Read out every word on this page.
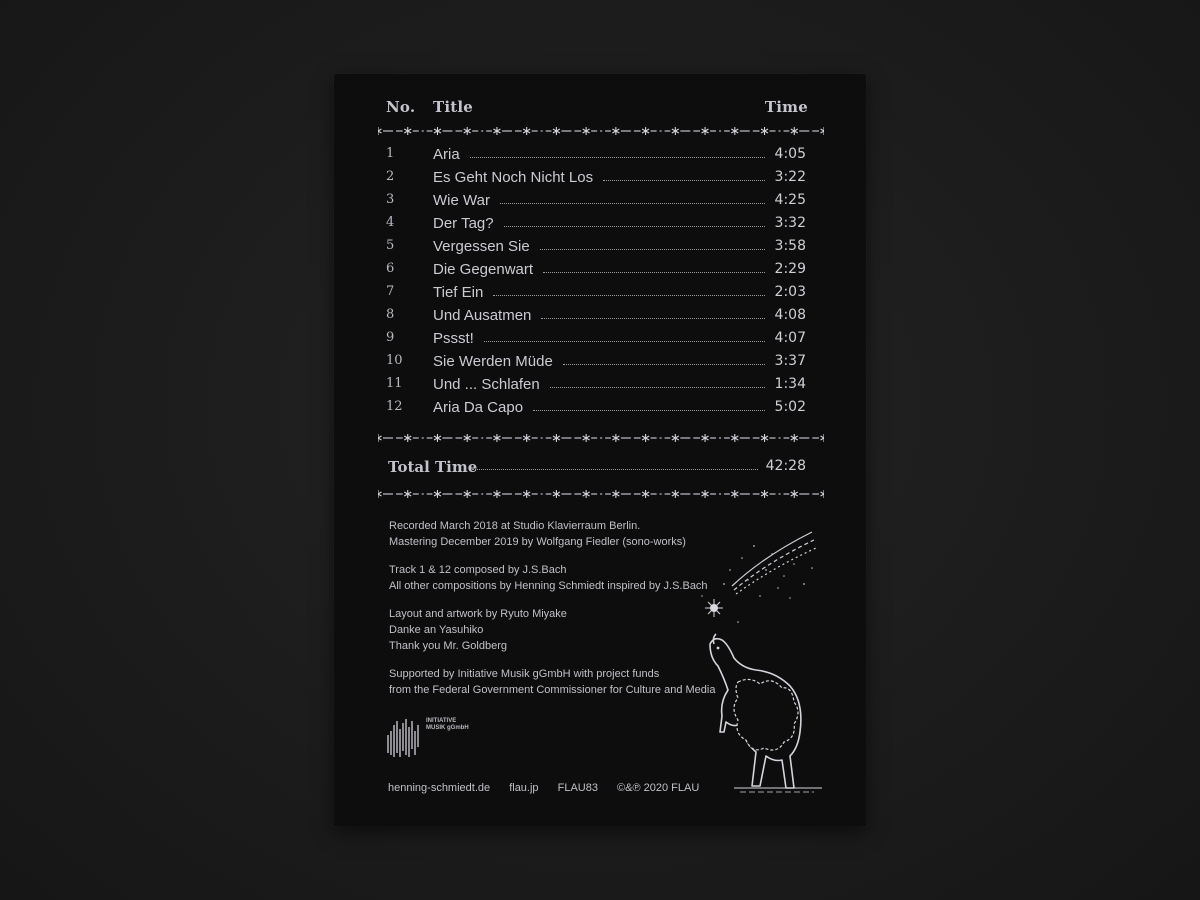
No. Title	Time
1	Aria	4:05
2	Es Geht Noch Nicht Los	3:22
3	Wie War	4:25
4	Der Tag?	3:32
5	Vergessen Sie	3:58
6	Die Gegenwart	2:29
7	Tief Ein	2:03
8	Und Ausatmen	4:08
9	Pssst!	4:07
10	Sie Werden Müde	3:37
11	Und ... Schlafen	1:34
12	Aria Da Capo	5:02
Total Time	42:28
Recorded March 2018 at Studio Klavierraum Berlin.
Mastering December 2019 by Wolfgang Fiedler (sono-works)
Track 1 & 12 composed by J.S.Bach
All other compositions by Henning Schmiedt inspired by J.S.Bach
Layout and artwork by Ryuto Miyake
Danke an Yasuhiko
Thank you Mr. Goldberg
Supported by Initiative Musik gGmbH with project funds
from the Federal Government Commissioner for Culture and Media
INITIATIVE
MUSIK gGmbH
henning-schmiedt.de flau.jp FLAU83 ©&℗ 2020 FLAU
